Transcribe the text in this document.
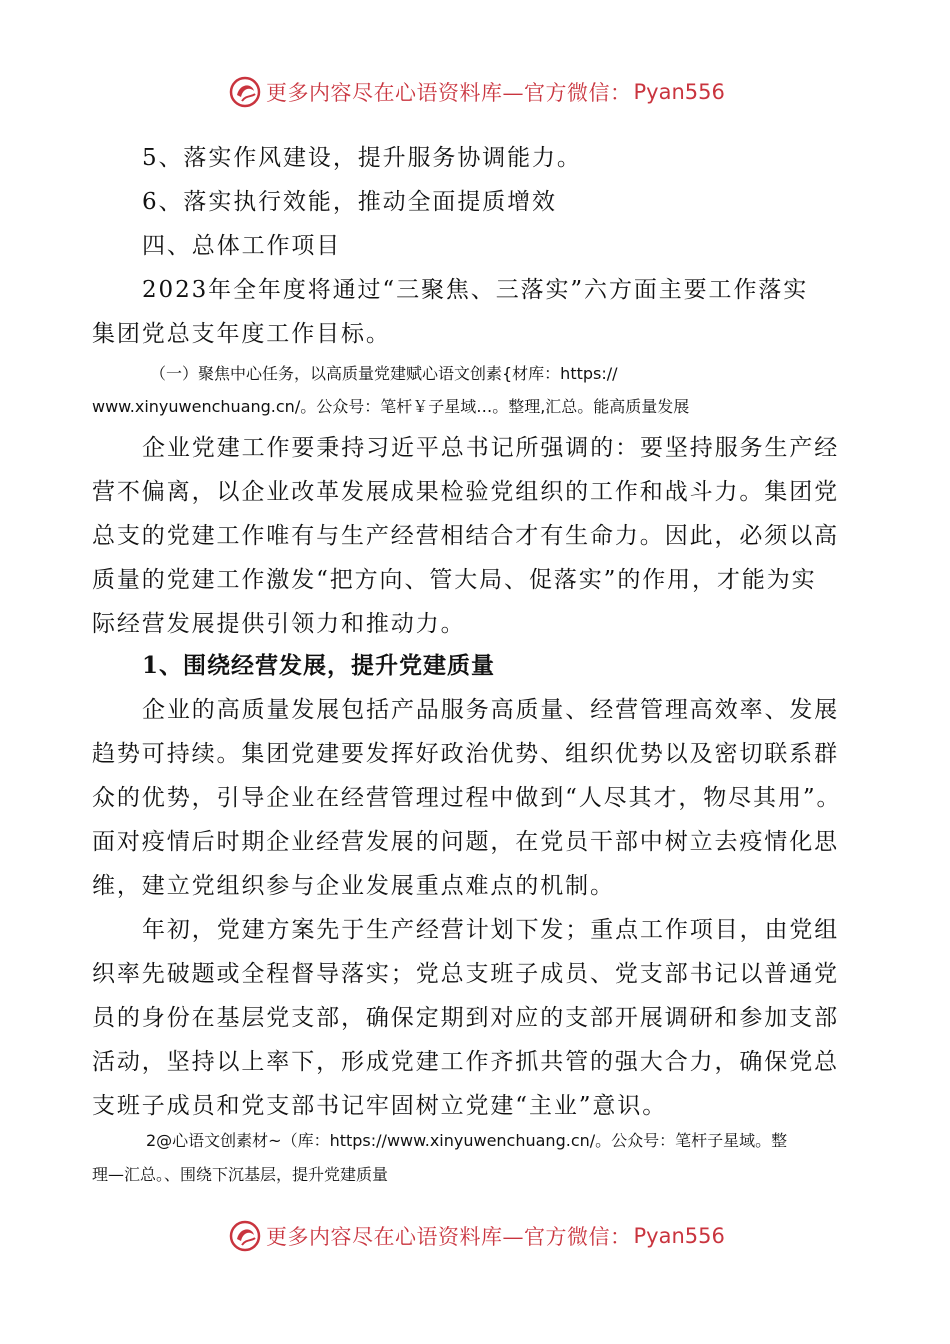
更多内容尽在心语资料库—官方微信： Pyan556
5、落实作风建设，提升服务协调能力。
6、落实执行效能，推动全面提质增效
四、总体工作项目
2023年全年度将通过“三聚焦、三落实”六方面主要工作落实
集团党总支年度工作目标。
（一）聚焦中心任务，以高质量党建赋心语文创素{材库：https://
www.xinyuwenchuang.cn/。公众号：笔杆￥子星域…。整理,汇总。能高质量发展
企业党建工作要秉持习近平总书记所强调的：要坚持服务生产经
营不偏离，以企业改革发展成果检验党组织的工作和战斗力。集团党
总支的党建工作唯有与生产经营相结合才有生命力。因此，必须以高
质量的党建工作激发“把方向、管大局、促落实”的作用，才能为实
际经营发展提供引领力和推动力。
1、围绕经营发展，提升党建质量
企业的高质量发展包括产品服务高质量、经营管理高效率、发展
趋势可持续。集团党建要发挥好政治优势、组织优势以及密切联系群
众的优势，引导企业在经营管理过程中做到“人尽其才，物尽其用”。
面对疫情后时期企业经营发展的问题，在党员干部中树立去疫情化思
维，建立党组织参与企业发展重点难点的机制。
年初，党建方案先于生产经营计划下发；重点工作项目，由党组
织率先破题或全程督导落实；党总支班子成员、党支部书记以普通党
员的身份在基层党支部，确保定期到对应的支部开展调研和参加支部
活动，坚持以上率下，形成党建工作齐抓共管的强大合力，确保党总
支班子成员和党支部书记牢固树立党建“主业”意识。
2@心语文创素材~（库：https://www.xinyuwenchuang.cn/。公众号：笔杆子星域。整
理—汇总。、围绕下沉基层，提升党建质量
更多内容尽在心语资料库—官方微信： Pyan556
